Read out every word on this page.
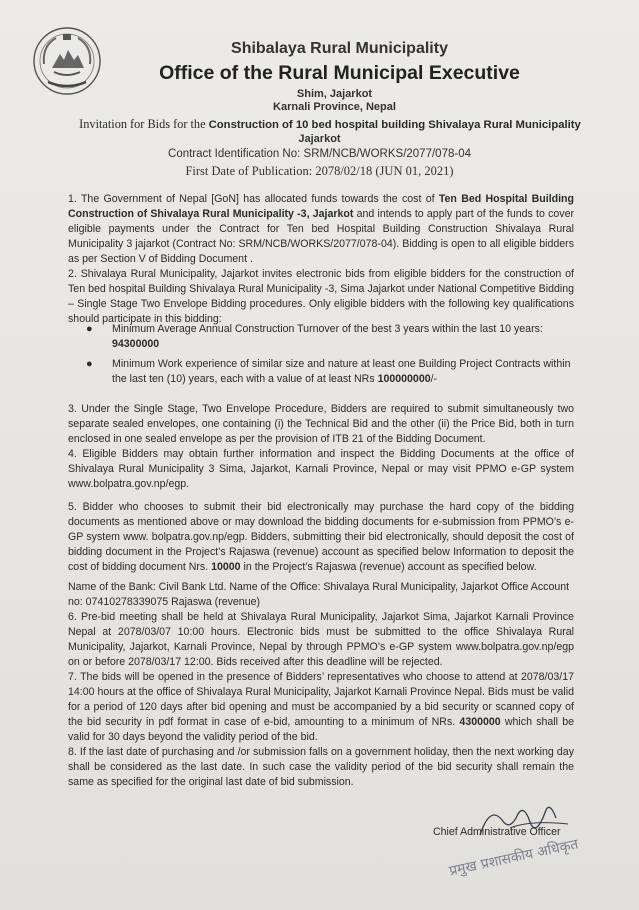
Shibalaya Rural Municipality
Office of the Rural Municipal Executive
Shim, Jajarkot
Karnali Province, Nepal
Invitation for Bids for the Construction of 10 bed hospital building Shivalaya Rural Municipality
Jajarkot
Contract Identification No: SRM/NCB/WORKS/2077/078-04
First Date of Publication: 2078/02/18 (JUN 01, 2021)

1. The Government of Nepal [GoN] has allocated funds towards the cost of Ten Bed Hospital Building Construction of Shivalaya Rural Municipality -3, Jajarkot and intends to apply part of the funds to cover eligible payments under the Contract for Ten bed Hospital Building Construction Shivalaya Rural Municipality 3 jajarkot (Contract No: SRM/NCB/WORKS/2077/078-04). Bidding is open to all eligible bidders as per Section V of Bidding Document .

2. Shivalaya Rural Municipality, Jajarkot invites electronic bids from eligible bidders for the construction of Ten bed hospital Building Shivalaya Rural Municipality -3, Sima Jajarkot under National Competitive Bidding – Single Stage Two Envelope Bidding procedures. Only eligible bidders with the following key qualifications should participate in this bidding:

● Minimum Average Annual Construction Turnover of the best 3 years within the last 10 years:
94300000
● Minimum Work experience of similar size and nature at least one Building Project Contracts within the last ten (10) years, each with a value of at least NRs 100000000/-

3. Under the Single Stage, Two Envelope Procedure, Bidders are required to submit simultaneously two separate sealed envelopes, one containing (i) the Technical Bid and the other (ii) the Price Bid, both in turn enclosed in one sealed envelope as per the provision of ITB 21 of the Bidding Document.

4. Eligible Bidders may obtain further information and inspect the Bidding Documents at the office of Shivalaya Rural Municipality 3 Sima, Jajarkot, Karnali Province, Nepal or may visit PPMO e-GP system www.bolpatra.gov.np/egp.

5. Bidder who chooses to submit their bid electronically may purchase the hard copy of the bidding documents as mentioned above or may download the bidding documents for e-submission from PPMO’s e-GP system www. bolpatra.gov.np/egp. Bidders, submitting their bid electronically, should deposit the cost of bidding document in the Project’s Rajaswa (revenue) account as specified below Information to deposit the cost of bidding document Nrs. 10000 in the Project’s Rajaswa (revenue) account as specified below.

Name of the Bank: Civil Bank Ltd. Name of the Office: Shivalaya Rural Municipality, Jajarkot Office Account no: 07410278339075 Rajaswa (revenue)

6. Pre-bid meeting shall be held at Shivalaya Rural Municipality, Jajarkot Sima, Jajarkot Karnali Province Nepal at 2078/03/07 10:00 hours. Electronic bids must be submitted to the office Shivalaya Rural Municipality, Jajarkot, Karnali Province, Nepal by through PPMO’s e-GP system www.bolpatra.gov.np/egp on or before 2078/03/17 12:00. Bids received after this deadline will be rejected.

7. The bids will be opened in the presence of Bidders’ representatives who choose to attend at 2078/03/17 14:00 hours at the office of Shivalaya Rural Municipality, Jajarkot Karnali Province Nepal. Bids must be valid for a period of 120 days after bid opening and must be accompanied by a bid security or scanned copy of the bid security in pdf format in case of e-bid, amounting to a minimum of NRs. 4300000 which shall be valid for 30 days beyond the validity period of the bid.

8. If the last date of purchasing and /or submission falls on a government holiday, then the next working day shall be considered as the last date. In such case the validity period of the bid security shall remain the same as specified for the original last date of bid submission.

Chief Administrative Officer
प्रमुख प्रशासकीय अधिकृत
